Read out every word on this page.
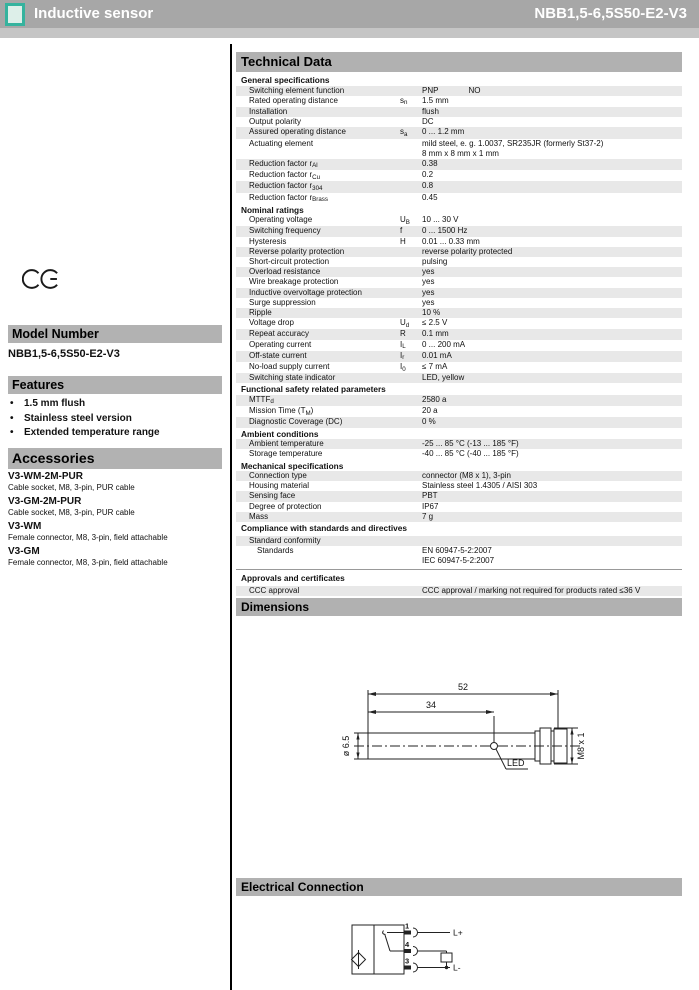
Inductive sensor	NBB1,5-6,5S50-E2-V3
Model Number
NBB1,5-6,5S50-E2-V3
Features
•	1.5 mm flush
•	Stainless steel version
•	Extended temperature range
Accessories
V3-WM-2M-PUR
Cable socket, M8, 3-pin, PUR cable
V3-GM-2M-PUR
Cable socket, M8, 3-pin, PUR cable
V3-WM
Female connector, M8, 3-pin, field attachable
V3-GM
Female connector, M8, 3-pin, field attachable
Technical Data
General specifications
Switching element function	PNP	NO
Rated operating distance	sn	1.5 mm
Installation	flush
Output polarity	DC
Assured operating distance	sa	0 ... 1.2 mm
Actuating element	mild steel, e. g. 1.0037, SR235JR (formerly St37-2)
8 mm x 8 mm x 1 mm
Reduction factor rAl	0.38
Reduction factor rCu	0.2
Reduction factor r304	0.8
Reduction factor rBrass	0.45
Nominal ratings
Operating voltage	UB	10 ... 30 V
Switching frequency	f	0 ... 1500 Hz
Hysteresis	H	0.01 ... 0.33 mm
Reverse polarity protection	reverse polarity protected
Short-circuit protection	pulsing
Overload resistance	yes
Wire breakage protection	yes
Inductive overvoltage protection	yes
Surge suppression	yes
Ripple	10 %
Voltage drop	Ud	≤ 2.5 V
Repeat accuracy	R	0.1 mm
Operating current	IL	0 ... 200 mA
Off-state current	Ir	0.01 mA
No-load supply current	I0	≤ 7 mA
Switching state indicator	LED, yellow
Functional safety related parameters
MTTFd	2580 a
Mission Time (TM)	20 a
Diagnostic Coverage (DC)	0 %
Ambient conditions
Ambient temperature	-25 ... 85 °C (-13 ... 185 °F)
Storage temperature	-40 ... 85 °C (-40 ... 185 °F)
Mechanical specifications
Connection type	connector (M8 x 1), 3-pin
Housing material	Stainless steel 1.4305 / AISI 303
Sensing face	PBT
Degree of protection	IP67
Mass	7 g
Compliance with standards and directives
Standard conformity
Standards	EN 60947-5-2:2007
IEC 60947-5-2:2007
Approvals and certificates
CCC approval	CCC approval / marking not required for products rated ≤36 V
Dimensions
52
34
ø 6.5	M8 x 1
LED
Electrical Connection
1
4
3
L+
L-
